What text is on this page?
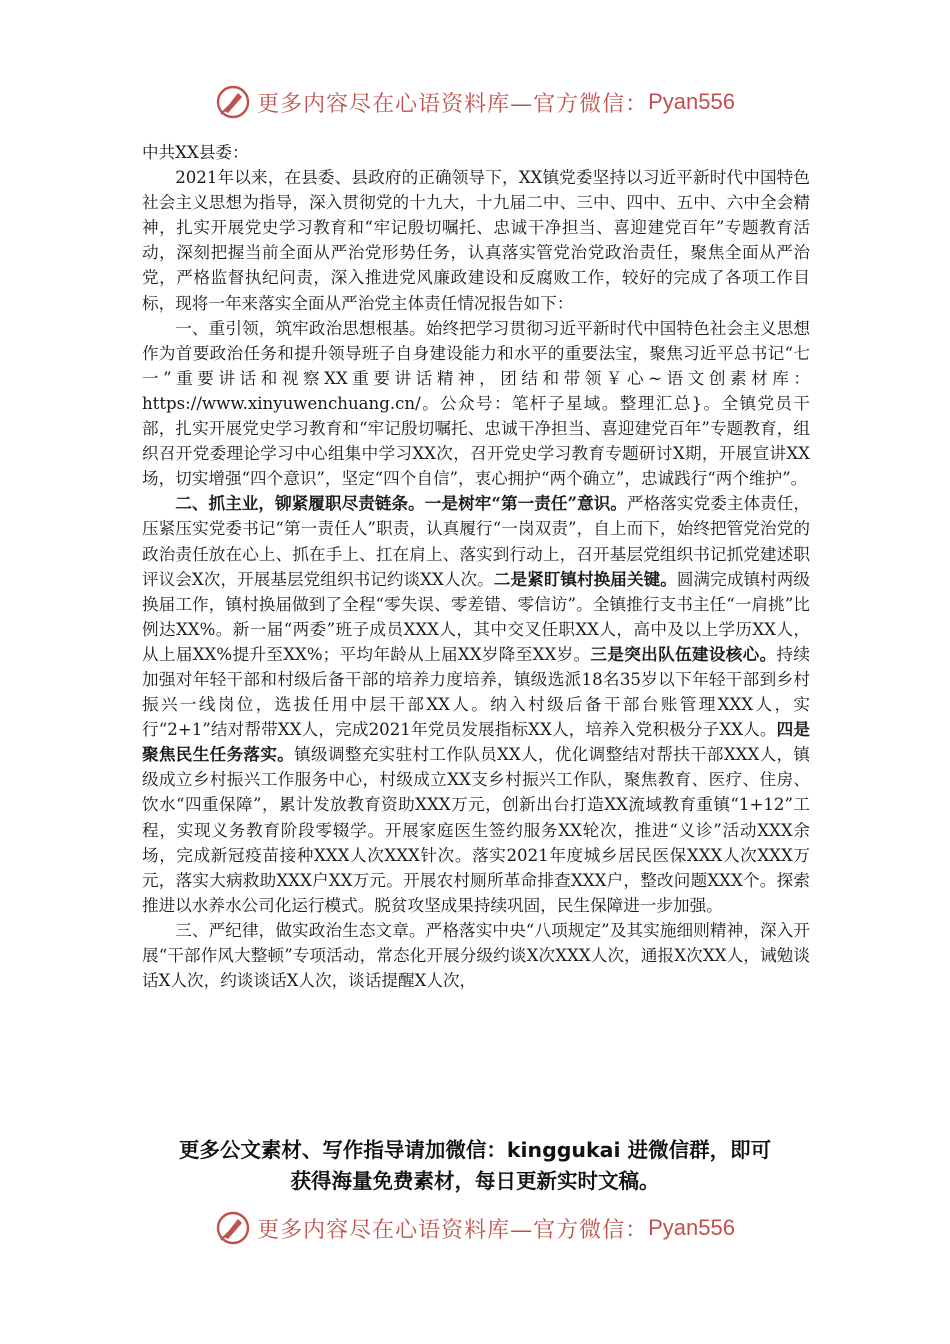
更多内容尽在心语资料库—官方微信： Pyan556

中共XX县委：

2021年以来，在县委、县政府的正确领导下，XX镇党委坚持以习近平新时代中国特色社会主义思想为指导，深入贯彻党的十九大，十九届二中、三中、四中、五中、六中全会精神，扎实开展党史学习教育和“牢记殷切嘱托、忠诚干净担当、喜迎建党百年”专题教育活动，深刻把握当前全面从严治党形势任务，认真落实管党治党政治责任，聚焦全面从严治党，严格监督执纪问责，深入推进党风廉政建设和反腐败工作，较好的完成了各项工作目标，现将一年来落实全面从严治党主体责任情况报告如下：

一、重引领，筑牢政治思想根基。始终把学习贯彻习近平新时代中国特色社会主义思想作为首要政治任务和提升领导班子自身建设能力和水平的重要法宝，聚焦习近平总书记“七一”重要讲话和视察XX重要讲话精神，团结和带领￥心~语文创素材库：https://www.xinyuwenchuang.cn/。公众号：笔杆子星域。整理汇总}。全镇党员干部，扎实开展党史学习教育和“牢记殷切嘱托、忠诚干净担当、喜迎建党百年”专题教育，组织召开党委理论学习中心组集中学习XX次，召开党史学习教育专题研讨X期，开展宣讲XX场，切实增强“四个意识”，坚定“四个自信”，衷心拥护“两个确立”，忠诚践行“两个维护”。

二、抓主业，铆紧履职尽责链条。一是树牢“第一责任”意识。严格落实党委主体责任，压紧压实党委书记“第一责任人”职责，认真履行“一岗双责”，自上而下，始终把管党治党的政治责任放在心上、抓在手上、扛在肩上、落实到行动上，召开基层党组织书记抓党建述职评议会X次，开展基层党组织书记约谈XX人次。二是紧盯镇村换届关键。圆满完成镇村两级换届工作，镇村换届做到了全程“零失误、零差错、零信访”。全镇推行支书主任“一肩挑”比例达XX%。新一届“两委”班子成员XXX人，其中交叉任职XX人，高中及以上学历XX人，从上届XX%提升至XX%；平均年龄从上届XX岁降至XX岁。三是突出队伍建设核心。持续加强对年轻干部和村级后备干部的培养力度培养，镇级选派18名35岁以下年轻干部到乡村振兴一线岗位，选拔任用中层干部XX人。纳入村级后备干部台账管理XXX人，实行“2+1”结对帮带XX人，完成2021年党员发展指标XX人，培养入党积极分子XX人。四是聚焦民生任务落实。镇级调整充实驻村工作队员XX人，优化调整结对帮扶干部XXX人，镇级成立乡村振兴工作服务中心，村级成立XX支乡村振兴工作队，聚焦教育、医疗、住房、饮水“四重保障”，累计发放教育资助XXX万元，创新出台打造XX流域教育重镇“1+12”工程，实现义务教育阶段零辍学。开展家庭医生签约服务XX轮次，推进“义诊”活动XXX余场，完成新冠疫苗接种XXX人次XXX针次。落实2021年度城乡居民医保XXX人次XXX万元，落实大病救助XXX户XX万元。开展农村厕所革命排查XXX户，整改问题XXX个。探索推进以水养水公司化运行模式。脱贫攻坚成果持续巩固，民生保障进一步加强。

三、严纪律，做实政治生态文章。严格落实中央“八项规定”及其实施细则精神，深入开展“干部作风大整顿”专项活动，常态化开展分级约谈X次XXX人次，通报X次XX人，诫勉谈话X人次，约谈谈话X人次，谈话提醒X人次，

更多公文素材、写作指导请加微信：kinggukai 进微信群，即可
获得海量免费素材，每日更新实时文稿。
更多内容尽在心语资料库—官方微信： Pyan556
